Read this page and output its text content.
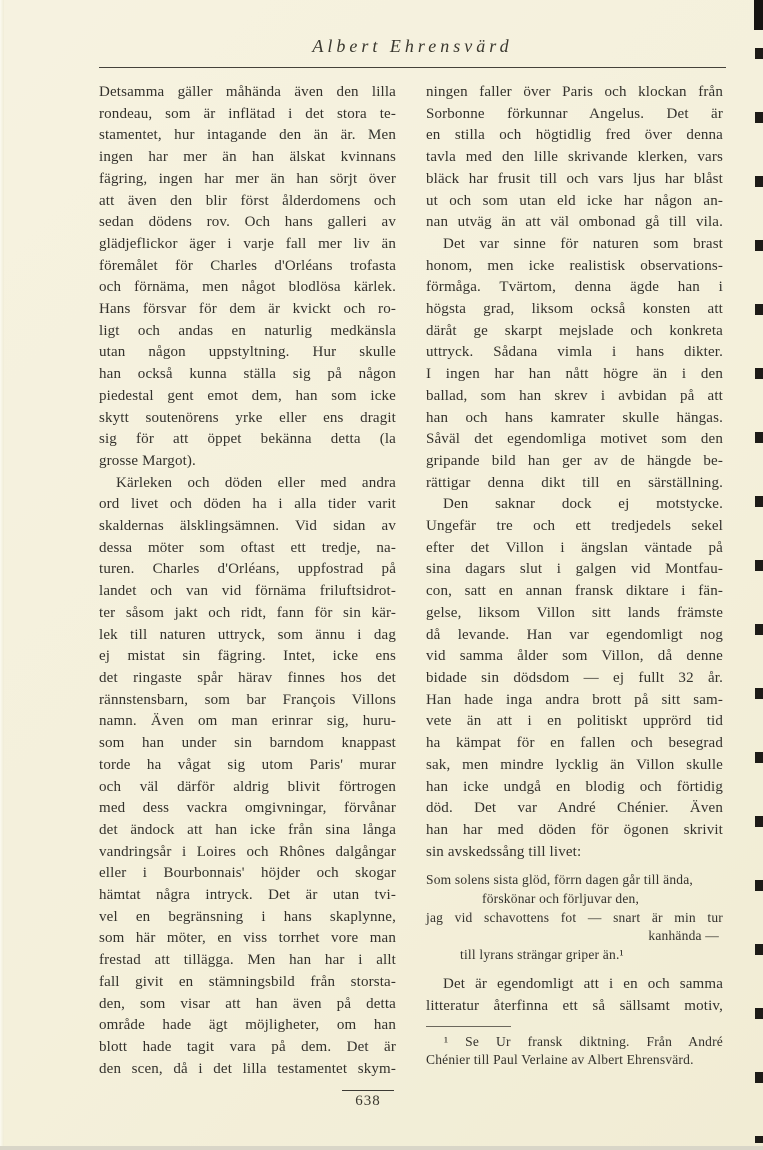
Albert Ehrensvärd
Detsamma gäller måhända även den lilla
rondeau, som är inflätad i det stora te-
stamentet, hur intagande den än är. Men
ingen har mer än han älskat kvinnans
fägring, ingen har mer än han sörjt över
att även den blir först ålderdomens och
sedan dödens rov. Och hans galleri av
glädjeflickor äger i varje fall mer liv än
föremålet för Charles d'Orléans trofasta
och förnäma, men något blodlösa kärlek.
Hans försvar för dem är kvickt och ro-
ligt och andas en naturlig medkänsla
utan någon uppstyltning. Hur skulle
han också kunna ställa sig på någon
piedestal gent emot dem, han som icke
skytt soutenörens yrke eller ens dragit
sig för att öppet bekänna detta (la
grosse Margot).
Kärleken och döden eller med andra
ord livet och döden ha i alla tider varit
skaldernas älsklingsämnen. Vid sidan av
dessa möter som oftast ett tredje, na-
turen. Charles d'Orléans, uppfostrad på
landet och van vid förnäma friluftsidrot-
ter såsom jakt och ridt, fann för sin kär-
lek till naturen uttryck, som ännu i dag
ej mistat sin fägring. Intet, icke ens
det ringaste spår härav finnes hos det
rännstensbarn, som bar François Villons
namn. Även om man erinrar sig, huru-
som han under sin barndom knappast
torde ha vågat sig utom Paris' murar
och väl därför aldrig blivit förtrogen
med dess vackra omgivningar, förvånar
det ändock att han icke från sina långa
vandringsår i Loires och Rhônes dalgångar
eller i Bourbonnais' höjder och skogar
hämtat några intryck. Det är utan tvi-
vel en begränsning i hans skaplynne,
som här möter, en viss torrhet vore man
frestad att tillägga. Men han har i allt
fall givit en stämningsbild från storsta-
den, som visar att han även på detta
område hade ägt möjligheter, om han
blott hade tagit vara på dem. Det är
den scen, då i det lilla testamentet skym-
ningen faller över Paris och klockan från
Sorbonne förkunnar Angelus. Det är
en stilla och högtidlig fred över denna
tavla med den lille skrivande klerken, vars
bläck har frusit till och vars ljus har blåst
ut och som utan eld icke har någon an-
nan utväg än att väl ombonad gå till vila.
Det var sinne för naturen som brast
honom, men icke realistisk observations-
förmåga. Tvärtom, denna ägde han i
högsta grad, liksom också konsten att
däråt ge skarpt mejslade och konkreta
uttryck. Sådana vimla i hans dikter.
I ingen har han nått högre än i den
ballad, som han skrev i avbidan på att
han och hans kamrater skulle hängas.
Såväl det egendomliga motivet som den
gripande bild han ger av de hängde be-
rättigar denna dikt till en särställning.
Den saknar dock ej motstycke.
Ungefär tre och ett tredjedels sekel
efter det Villon i ängslan väntade på
sina dagars slut i galgen vid Montfau-
con, satt en annan fransk diktare i fän-
gelse, liksom Villon sitt lands främste
då levande. Han var egendomligt nog
vid samma ålder som Villon, då denne
bidade sin dödsdom — ej fullt 32 år.
Han hade inga andra brott på sitt sam-
vete än att i en politiskt upprörd tid
ha kämpat för en fallen och besegrad
sak, men mindre lycklig än Villon skulle
han icke undgå en blodig och förtidig
död. Det var André Chénier. Även
han har med döden för ögonen skrivit
sin avskedssång till livet:
Som solens sista glöd, förrn dagen går till ända,
förskönar och förljuvar den,
jag vid schavottens fot — snart är min tur
kanhända —
till lyrans strängar griper än.¹
Det är egendomligt att i en och samma
litteratur återfinna ett så sällsamt motiv,
¹ Se Ur fransk diktning. Från André
Chénier till Paul Verlaine av Albert Ehrensvärd.
638
